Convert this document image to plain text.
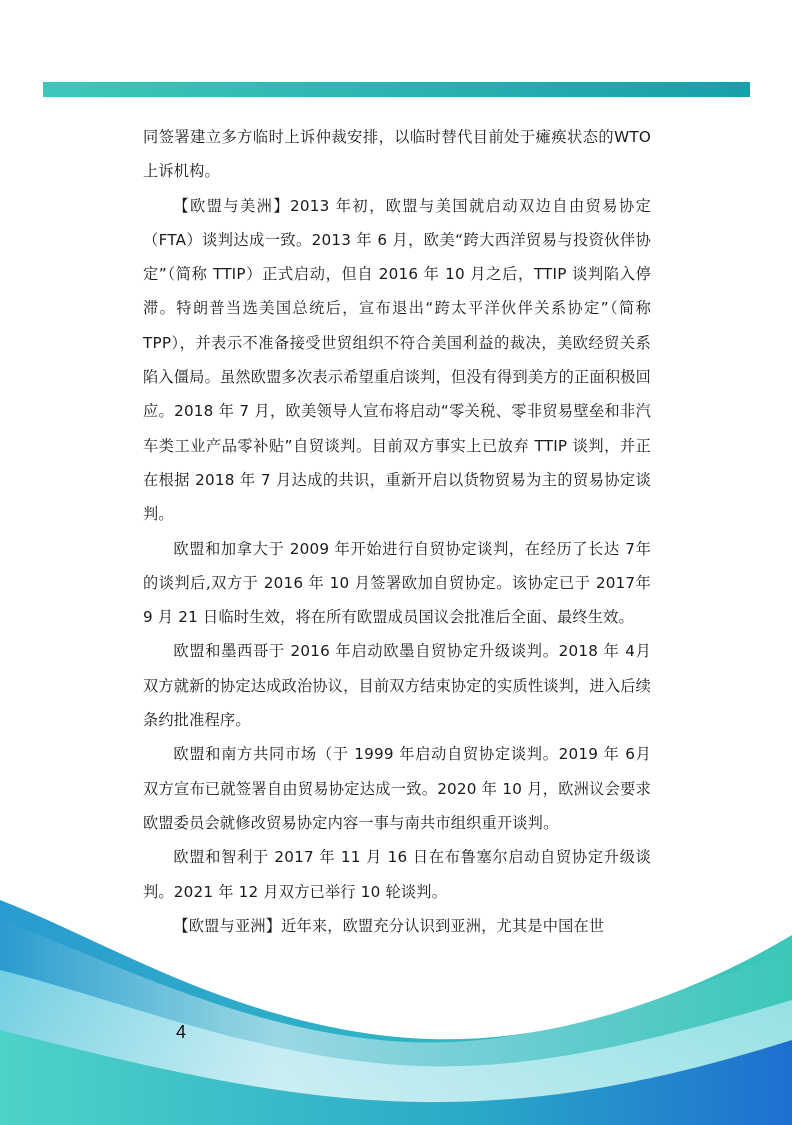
同签署建立多方临时上诉仲裁安排，以临时替代目前处于瘫痪状态的WTO 上诉机构。

【欧盟与美洲】2013 年初，欧盟与美国就启动双边自由贸易协定（FTA）谈判达成一致。2013 年 6 月，欧美“跨大西洋贸易与投资伙伴协定”（简称 TTIP）正式启动，但自 2016 年 10 月之后，TTIP 谈判陷入停滞。特朗普当选美国总统后，宣布退出“跨太平洋伙伴关系协定”（简称 TPP），并表示不准备接受世贸组织不符合美国利益的裁决，美欧经贸关系陷入僵局。虽然欧盟多次表示希望重启谈判，但没有得到美方的正面积极回应。2018 年 7 月，欧美领导人宣布将启动“零关税、零非贸易壁垒和非汽车类工业产品零补贴”自贸谈判。目前双方事实上已放弃 TTIP 谈判，并正在根据 2018 年 7 月达成的共识，重新开启以货物贸易为主的贸易协定谈判。

欧盟和加拿大于 2009 年开始进行自贸协定谈判，在经历了长达 7年的谈判后,双方于 2016 年 10 月签署欧加自贸协定。该协定已于 2017年 9 月 21 日临时生效，将在所有欧盟成员国议会批准后全面、最终生效。

欧盟和墨西哥于 2016 年启动欧墨自贸协定升级谈判。2018 年 4月双方就新的协定达成政治协议，目前双方结束协定的实质性谈判，进入后续条约批准程序。

欧盟和南方共同市场（于 1999 年启动自贸协定谈判。2019 年 6月双方宣布已就签署自由贸易协定达成一致。2020 年 10 月，欧洲议会要求欧盟委员会就修改贸易协定内容一事与南共市组织重开谈判。

欧盟和智利于 2017 年 11 月 16 日在布鲁塞尔启动自贸协定升级谈判。2021 年 12 月双方已举行 10 轮谈判。

【欧盟与亚洲】近年来，欧盟充分认识到亚洲，尤其是中国在世

4
